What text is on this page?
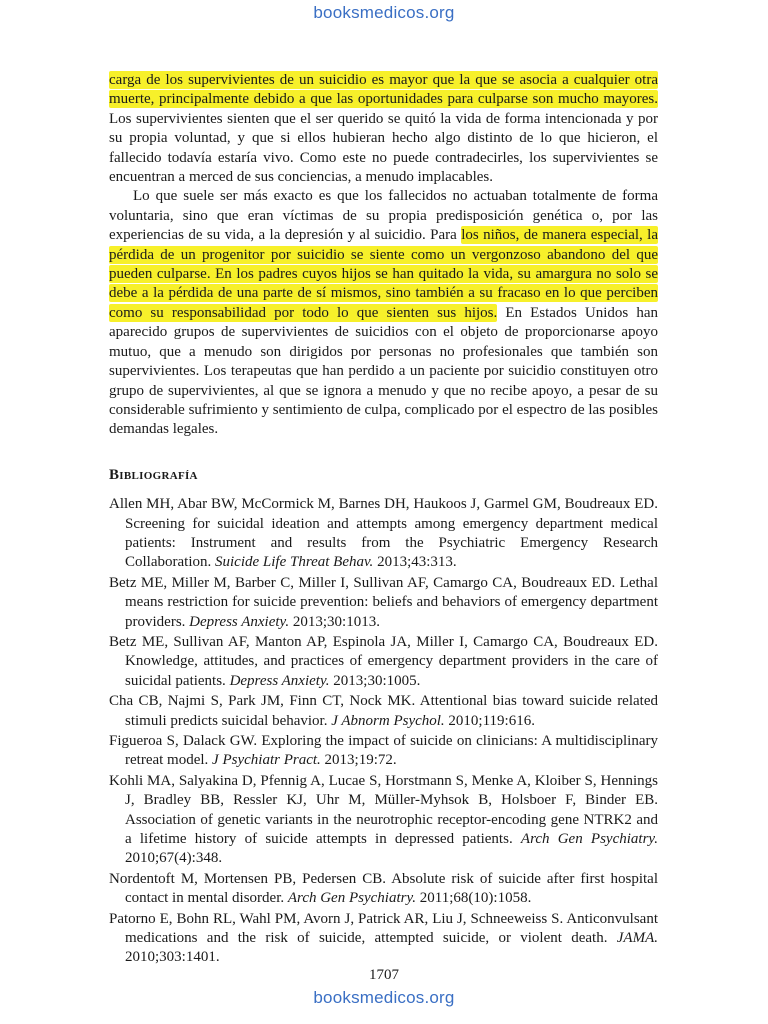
booksmedicos.org

carga de los supervivientes de un suicidio es mayor que la que se asocia a cualquier otra muerte, principalmente debido a que las oportunidades para culparse son mucho mayores. Los supervivientes sienten que el ser querido se quitó la vida de forma intencionada y por su propia voluntad, y que si ellos hubieran hecho algo distinto de lo que hicieron, el fallecido todavía estaría vivo. Como este no puede contradecirles, los supervivientes se encuentran a merced de sus conciencias, a menudo implacables.

Lo que suele ser más exacto es que los fallecidos no actuaban totalmente de forma voluntaria, sino que eran víctimas de su propia predisposición genética o, por las experiencias de su vida, a la depresión y al suicidio. Para los niños, de manera especial, la pérdida de un progenitor por suicidio se siente como un vergonzoso abandono del que pueden culparse. En los padres cuyos hijos se han quitado la vida, su amargura no solo se debe a la pérdida de una parte de sí mismos, sino también a su fracaso en lo que perciben como su responsabilidad por todo lo que sienten sus hijos. En Estados Unidos han aparecido grupos de supervivientes de suicidios con el objeto de proporcionarse apoyo mutuo, que a menudo son dirigidos por personas no profesionales que también son supervivientes. Los terapeutas que han perdido a un paciente por suicidio constituyen otro grupo de supervivientes, al que se ignora a menudo y que no recibe apoyo, a pesar de su considerable sufrimiento y sentimiento de culpa, complicado por el espectro de las posibles demandas legales.

Bibliografía
Allen MH, Abar BW, McCormick M, Barnes DH, Haukoos J, Garmel GM, Boudreaux ED. Screening for suicidal ideation and attempts among emergency department medical patients: Instrument and results from the Psychiatric Emergency Research Collaboration. Suicide Life Threat Behav. 2013;43:313.
Betz ME, Miller M, Barber C, Miller I, Sullivan AF, Camargo CA, Boudreaux ED. Lethal means restriction for suicide prevention: beliefs and behaviors of emergency department providers. Depress Anxiety. 2013;30:1013.
Betz ME, Sullivan AF, Manton AP, Espinola JA, Miller I, Camargo CA, Boudreaux ED. Knowledge, attitudes, and practices of emergency department providers in the care of suicidal patients. Depress Anxiety. 2013;30:1005.
Cha CB, Najmi S, Park JM, Finn CT, Nock MK. Attentional bias toward suicide related stimuli predicts suicidal behavior. J Abnorm Psychol. 2010;119:616.
Figueroa S, Dalack GW. Exploring the impact of suicide on clinicians: A multidisciplinary retreat model. J Psychiatr Pract. 2013;19:72.
Kohli MA, Salyakina D, Pfennig A, Lucae S, Horstmann S, Menke A, Kloiber S, Hennings J, Bradley BB, Ressler KJ, Uhr M, Müller-Myhsok B, Holsboer F, Binder EB. Association of genetic variants in the neurotrophic receptor-encoding gene NTRK2 and a lifetime history of suicide attempts in depressed patients. Arch Gen Psychiatry. 2010;67(4):348.
Nordentoft M, Mortensen PB, Pedersen CB. Absolute risk of suicide after first hospital contact in mental disorder. Arch Gen Psychiatry. 2011;68(10):1058.
Patorno E, Bohn RL, Wahl PM, Avorn J, Patrick AR, Liu J, Schneeweiss S. Anticonvulsant medications and the risk of suicide, attempted suicide, or violent death. JAMA. 2010;303:1401.
1707
booksmedicos.org
